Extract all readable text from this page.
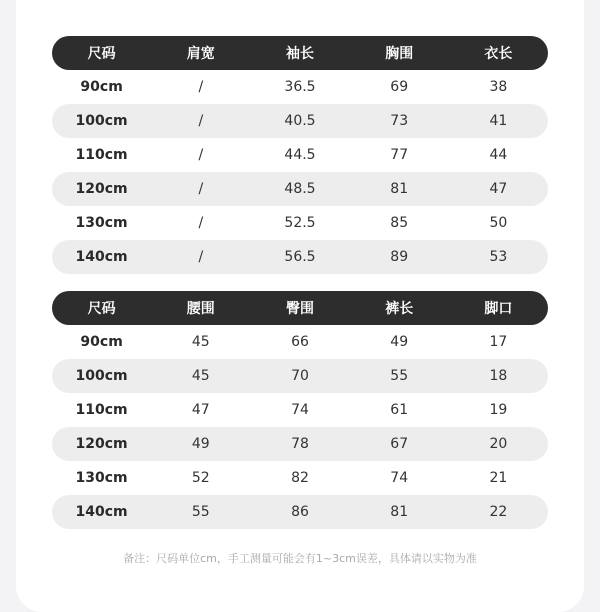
尺码	肩宽	袖长	胸围	衣长
90cm	/	36.5	69	38
100cm	/	40.5	73	41
110cm	/	44.5	77	44
120cm	/	48.5	81	47
130cm	/	52.5	85	50
140cm	/	56.5	89	53
尺码	腰围	臀围	裤长	脚口
90cm	45	66	49	17
100cm	45	70	55	18
110cm	47	74	61	19
120cm	49	78	67	20
130cm	52	82	74	21
140cm	55	86	81	22
备注：尺码单位cm，手工测量可能会有1~3cm误差，具体请以实物为准
